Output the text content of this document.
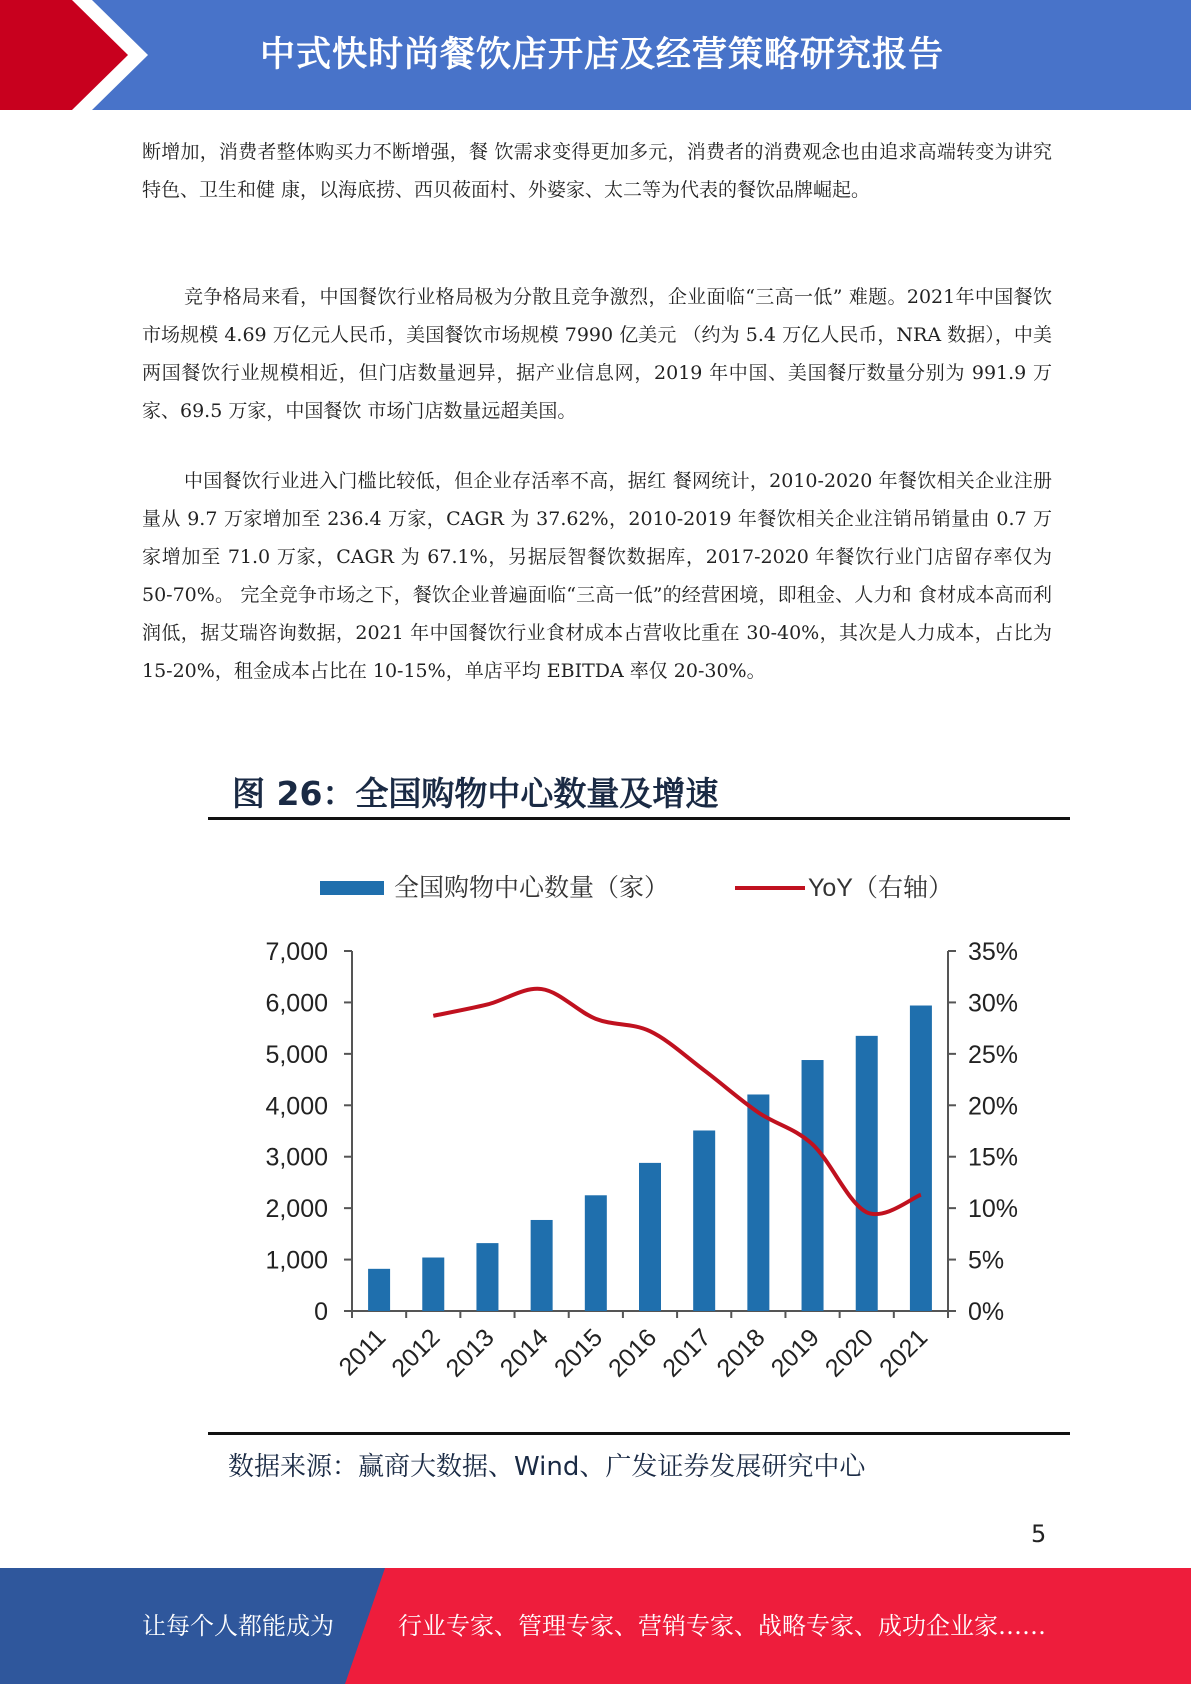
中式快时尚餐饮店开店及经营策略研究报告

断增加，消费者整体购买力不断增强，餐 饮需求变得更加多元，消费者的消费观念也由追求高端转变为讲究特色、卫生和健 康，以海底捞、西贝莜面村、外婆家、太二等为代表的餐饮品牌崛起。

竞争格局来看，中国餐饮行业格局极为分散且竞争激烈，企业面临“三高一低” 难题。2021年中国餐饮市场规模 4.69 万亿元人民币，美国餐饮市场规模 7990 亿美元 （约为 5.4 万亿人民币，NRA 数据），中美两国餐饮行业规模相近，但门店数量迥异，据产业信息网，2019 年中国、美国餐厅数量分别为 991.9 万家、69.5 万家，中国餐饮 市场门店数量远超美国。

中国餐饮行业进入门槛比较低，但企业存活率不高，据红 餐网统计，2010-2020 年餐饮相关企业注册量从 9.7 万家增加至 236.4 万家，CAGR 为 37.62%，2010-2019 年餐饮相关企业注销吊销量由 0.7 万家增加至 71.0 万家，CAGR 为 67.1%，另据辰智餐饮数据库，2017-2020 年餐饮行业门店留存率仅为 50-70%。 完全竞争市场之下，餐饮企业普遍面临“三高一低”的经营困境，即租金、人力和 食材成本高而利润低，据艾瑞咨询数据，2021 年中国餐饮行业食材成本占营收比重在 30-40%，其次是人力成本，占比为 15-20%，租金成本占比在 10-15%，单店平均 EBITDA 率仅 20-30%。

图 26：全国购物中心数量及增速
0
1,000
2,000
3,000
4,000
5,000
6,000
7,000
0%
5%
10%
15%
20%
25%
30%
35%
2011
2012
2013
2014
2015
2016
2017
2018
2019
2020
2021
全国购物中心数量（家）	YoY（右轴）
数据来源：赢商大数据、Wind、广发证券发展研究中心
5
让每个人都能成为	行业专家、管理专家、营销专家、战略专家、成功企业家……
